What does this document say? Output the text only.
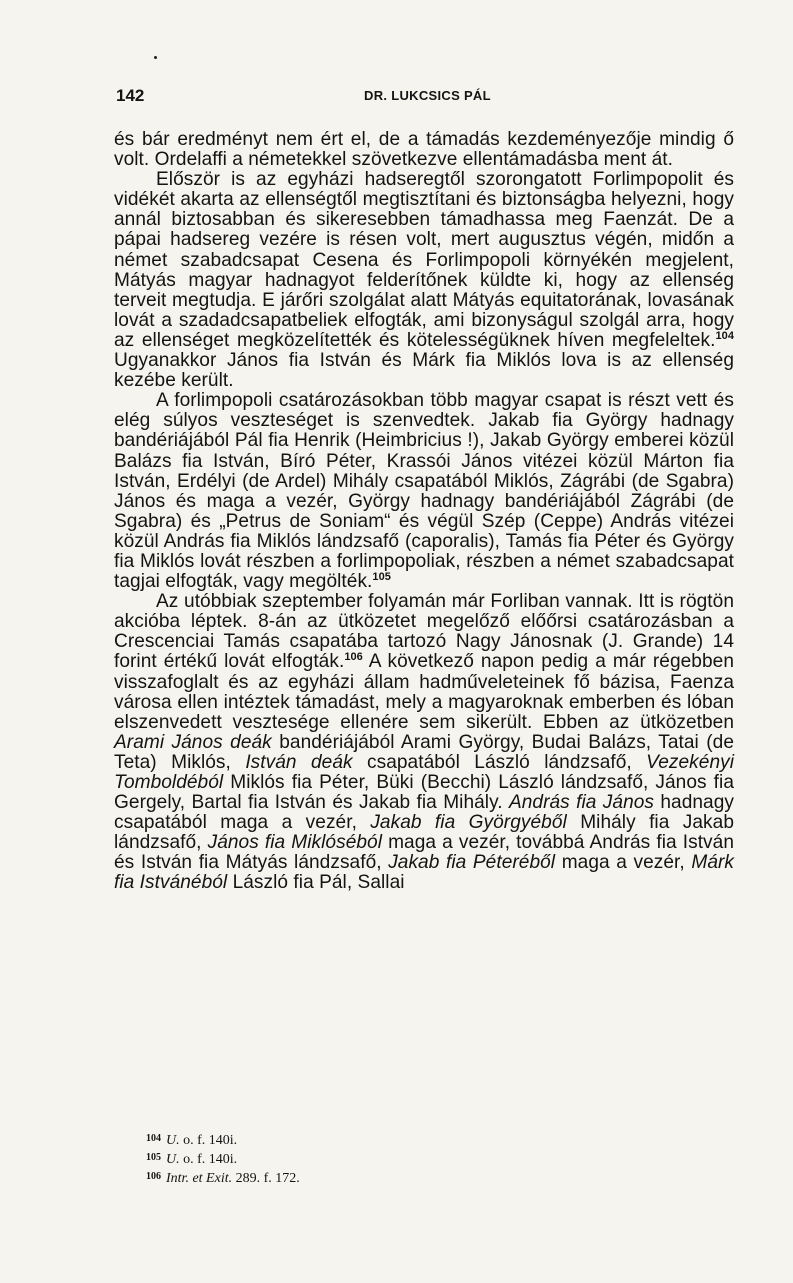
142	DR. LUKCSICS PÁL

és bár eredményt nem ért el, de a támadás kezdeményezője mindig ő volt. Ordelaffi a németekkel szövetkezve ellentámadásba ment át.

Először is az egyházi hadseregtől szorongatott Forlimpopolit és vidékét akarta az ellenségtől megtisztítani és biztonságba helyezni, hogy annál biztosabban és sikeresebben támadhassa meg Faenzát. De a pápai hadsereg vezére is résen volt, mert augusztus végén, midőn a német szabadcsapat Cesena és Forlimpopoli környékén megjelent, Mátyás magyar hadnagyot felderítőnek küldte ki, hogy az ellenség terveit megtudja. E járőri szolgálat alatt Mátyás equitatorának, lovasának lovát a szadadcsapatbeliek elfogták, ami bizonyságul szolgál arra, hogy az ellenséget megközelítették és kötelességüknek híven megfeleltek.$^{104}$ Ugyanakkor János fia István és Márk fia Miklós lova is az ellenség kezébe került.

A forlimpopoli csatározásokban több magyar csapat is részt vett és elég súlyos veszteséget is szenvedtek. Jakab fia György hadnagy bandériájából Pál fia Henrik (Heimbricius !), Jakab György emberei közül Balázs fia István, Bíró Péter, Krassói János vitézei közül Márton fia István, Erdélyi (de Ardel) Mihály csapatából Miklós, Zágrábi (de Sgabra) János és maga a vezér, György hadnagy bandériájából Zágrábi (de Sgabra) és „Petrus de Soniam“ és végül Szép (Ceppe) András vitézei közül András fia Miklós lándzsafő (caporalis), Tamás fia Péter és György fia Miklós lovát részben a forlimpopoliak, részben a német szabadcsapat tagjai elfogták, vagy megölték.$^{105}$

Az utóbbiak szeptember folyamán már Forliban vannak. Itt is rögtön akcióba léptek. 8-án az ütközetet megelőző előőrsi csatározásban a Crescenciai Tamás csapatába tartozó Nagy Jánosnak (J. Grande) 14 forint értékű lovát elfogták.$^{106}$ A következő napon pedig a már régebben visszafoglalt és az egyházi állam hadműveleteinek fő bázisa, Faenza városa ellen intéztek támadást, mely a magyaroknak emberben és lóban elszenvedett vesztesége ellenére sem sikerült. Ebben az ütközetben Arami János deák bandériájából Arami György, Budai Balázs, Tatai (de Teta) Miklós, István deák csapatából László lándzsafő, Vezekényi Tomboldéból Miklós fia Péter, Büki (Becchi) László lándzsafő, János fia Gergely, Bartal fia István és Jakab fia Mihály. András fia János hadnagy csapatából maga a vezér, Jakab fia Györgyéből Mihály fia Jakab lándzsafő, János fia Miklóséból maga a vezér, továbbá András fia István és István fia Mátyás lándzsafő, Jakab fia Péteréből maga a vezér, Márk fia Istvánéból László fia Pál, Sallai

104 U. o. f. 140i.
105 U. o. f. 140i.
106 Intr. et Exit. 289. f. 172.
